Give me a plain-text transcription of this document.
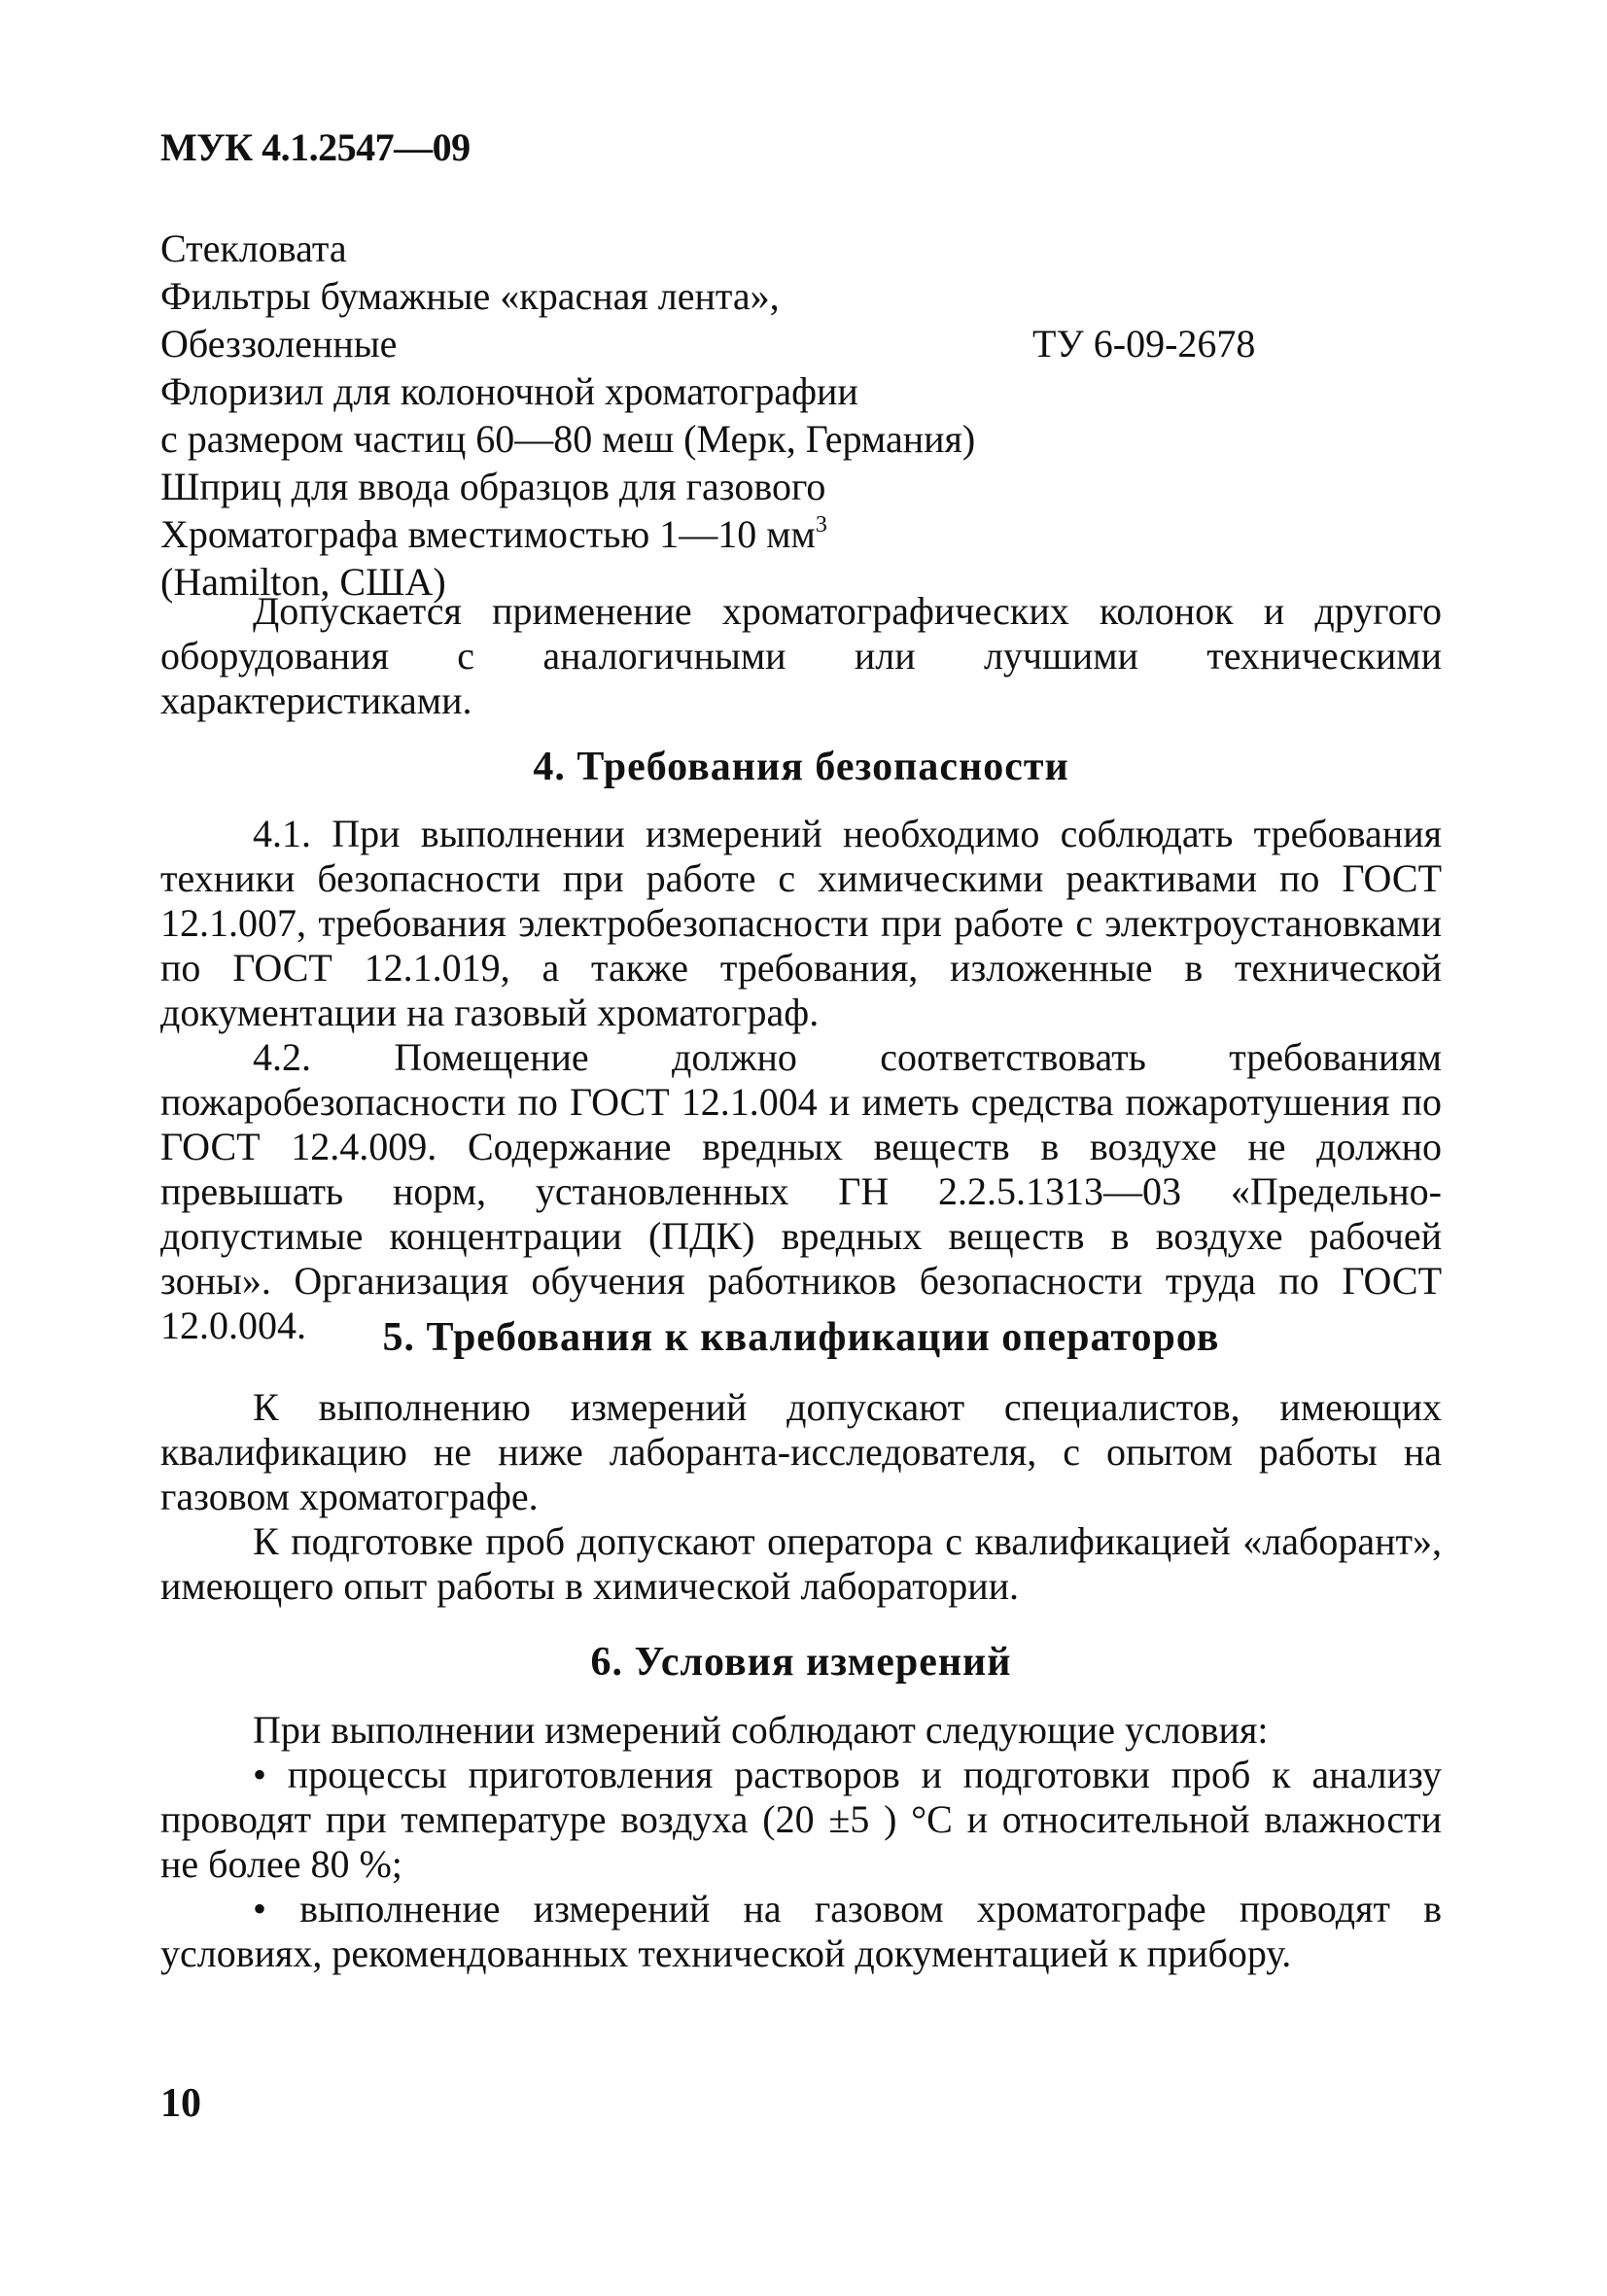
МУК 4.1.2547—09
Стекловата
Фильтры бумажные «красная лента»,
Обеззоленные	ТУ 6-09-2678
Флоризил для колоночной хроматографии
с размером частиц 60—80 меш (Мерк, Германия)
Шприц для ввода образцов для газового
Хроматографа вместимостью 1—10 $мм^3$
(Hamilton, США)

Допускается применение хроматографических колонок и другого оборудования с аналогичными или лучшими техническими характеристиками.

4. Требования безопасности

4.1. При выполнении измерений необходимо соблюдать требования техники безопасности при работе с химическими реактивами по ГОСТ 12.1.007, требования электробезопасности при работе с электроустановками по ГОСТ 12.1.019, а также требования, изложенные в технической документации на газовый хроматограф.

4.2. Помещение должно соответствовать требованиям пожаробезопасности по ГОСТ 12.1.004 и иметь средства пожаротушения по ГОСТ 12.4.009. Содержание вредных веществ в воздухе не должно превышать норм, установленных ГН 2.2.5.1313—03 «Предельно-допустимые концентрации (ПДК) вредных веществ в воздухе рабочей зоны». Организация обучения работников безопасности труда по ГОСТ 12.0.004.	5. Требования к квалификации операторов

К выполнению измерений допускают специалистов, имеющих квалификацию не ниже лаборанта-исследователя, с опытом работы на газовом хроматографе.

К подготовке проб допускают оператора с квалификацией «лаборант», имеющего опыт работы в химической лаборатории.

6. Условия измерений

При выполнении измерений соблюдают следующие условия:

• процессы приготовления растворов и подготовки проб к анализу проводят при температуре воздуха (20 ±5 ) °С и относительной влажности не более 80 %;

• выполнение измерений на газовом хроматографе проводят в условиях, рекомендованных технической документацией к прибору.

10
